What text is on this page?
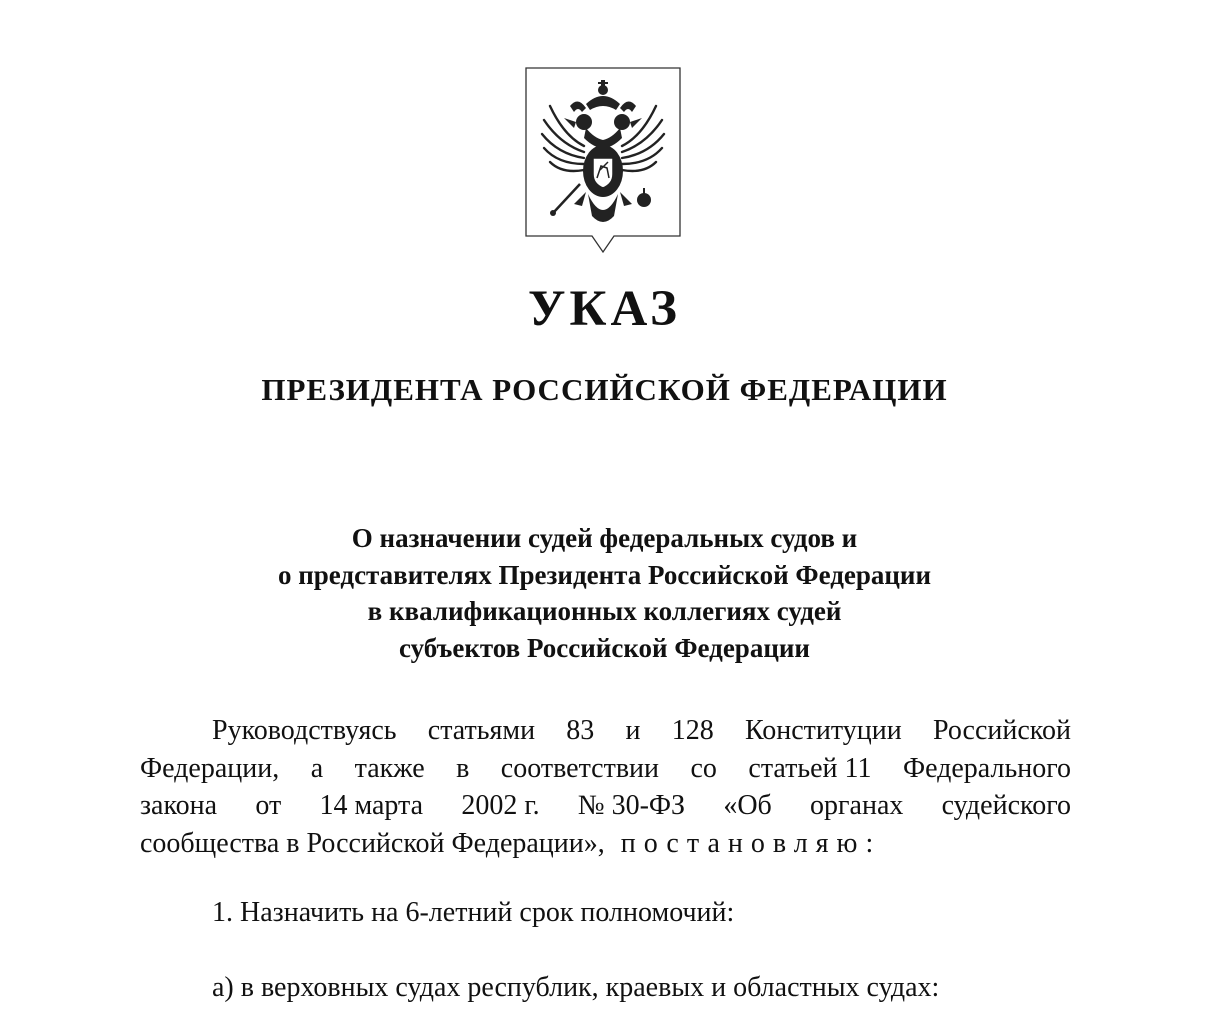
УКАЗ
ПРЕЗИДЕНТА РОССИЙСКОЙ ФЕДЕРАЦИИ
О назначении судей федеральных судов и
о представителях Президента Российской Федерации
в квалификационных коллегиях судей
субъектов Российской Федерации
Руководствуясь статьями 83 и 128 Конституции Российской
Федерации, а также в соответствии со статьей 11 Федерального
закона от 14 марта 2002 г. № 30-ФЗ «Об органах судейского
сообщества в Российской Федерации», постановляю:

1. Назначить на 6-летний срок полномочий:

а) в верховных судах республик, краевых и областных судах:
